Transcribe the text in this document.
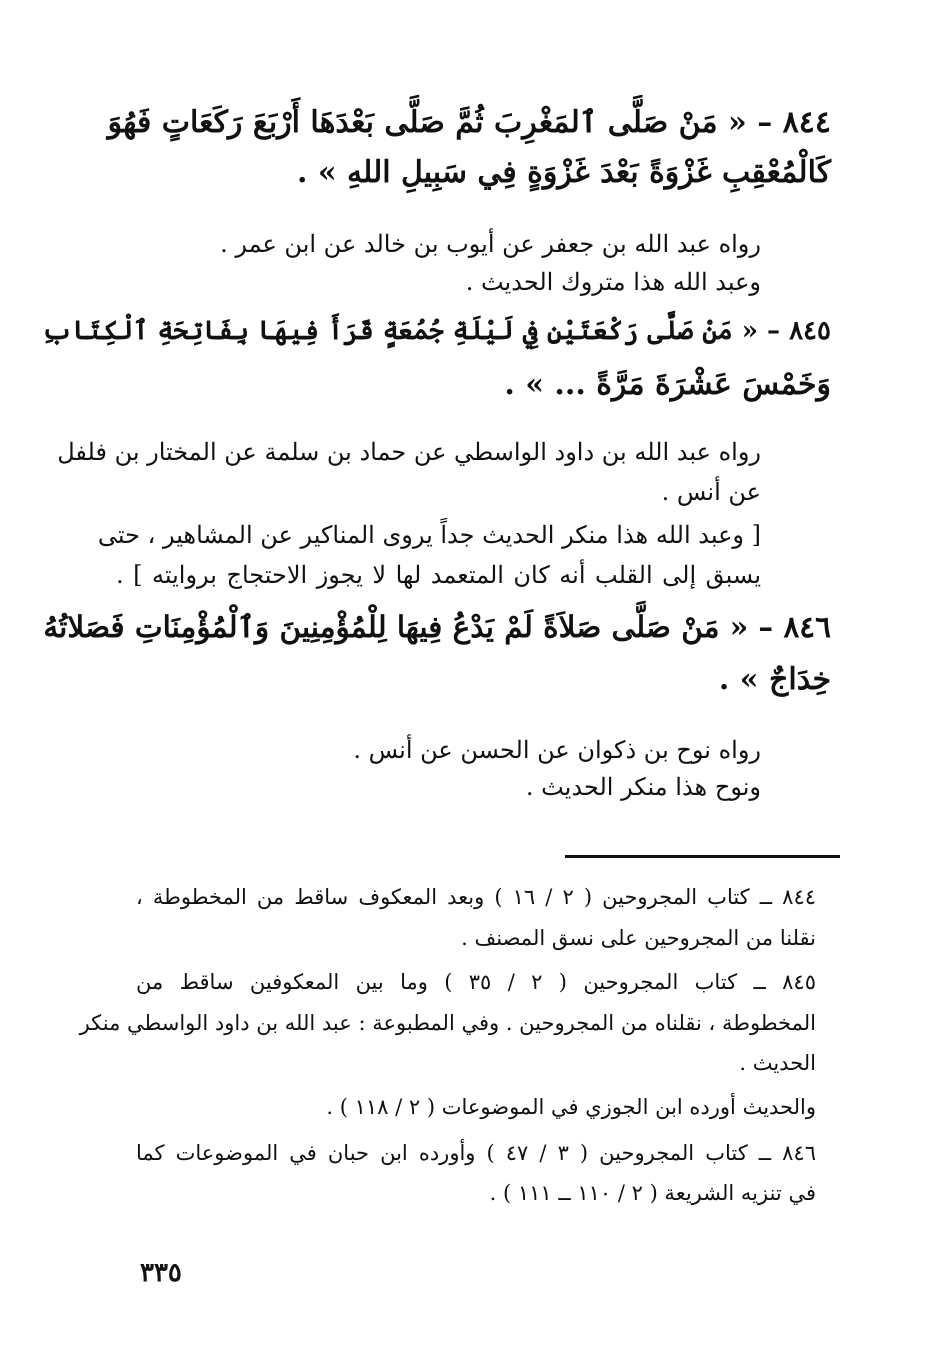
٨٤٤ – « مَنْ صَلَّى ٱلمَغْرِبَ ثُمَّ صَلَّى بَعْدَهَا أَرْبَعَ رَكَعَاتٍ فَهُوَ
كَالْمُعْقِبِ غَزْوَةً بَعْدَ غَزْوَةٍ فِي سَبِيلِ اللهِ » .
رواه عبد الله بن جعفر عن أيوب بن خالد عن ابن عمر .
وعبد الله هذا متروك الحديث .
٨٤٥ – « مَنْ صَلَّى رَكْعَتَيْنِ فِي لَيْلَةِ جُمُعَةٍ قَرَأَ فِيهَا بِفَاتِحَةِ ٱلْكِتَابِ
وَخَمْسَ عَشْرَةَ مَرَّةً ... » .
رواه عبد الله بن داود الواسطي عن حماد بن سلمة عن المختار بن فلفل
عن أنس .
[ وعبد الله هذا منكر الحديث جداً يروى المناكير عن المشاهير ، حتى
يسبق إلى القلب أنه كان المتعمد لها لا يجوز الاحتجاج بروايته ] .
٨٤٦ – « مَنْ صَلَّى صَلاَةً لَمْ يَدْعُ فِيهَا لِلْمُؤْمِنِينَ وَٱلْمُؤْمِنَاتِ فَصَلاتُهُ
خِدَاجٌ » .
رواه نوح بن ذكوان عن الحسن عن أنس .
ونوح هذا منكر الحديث .
٨٤٤ ــ كتاب المجروحين ( ٢ / ١٦ ) وبعد المعكوف ساقط من المخطوطة ،
نقلنا من المجروحين على نسق المصنف .
٨٤٥ ــ كتاب المجروحين ( ٢ / ٣٥ ) وما بين المعكوفين ساقط من
المخطوطة ، نقلناه من المجروحين . وفي المطبوعة : عبد الله بن داود الواسطي منكر
الحديث .
والحديث أورده ابن الجوزي في الموضوعات ( ٢ / ١١٨ ) .
٨٤٦ ــ كتاب المجروحين ( ٣ / ٤٧ ) وأورده ابن حبان في الموضوعات كما
في تنزيه الشريعة ( ٢ / ١١٠ ــ ١١١ ) .
٣٣٥
